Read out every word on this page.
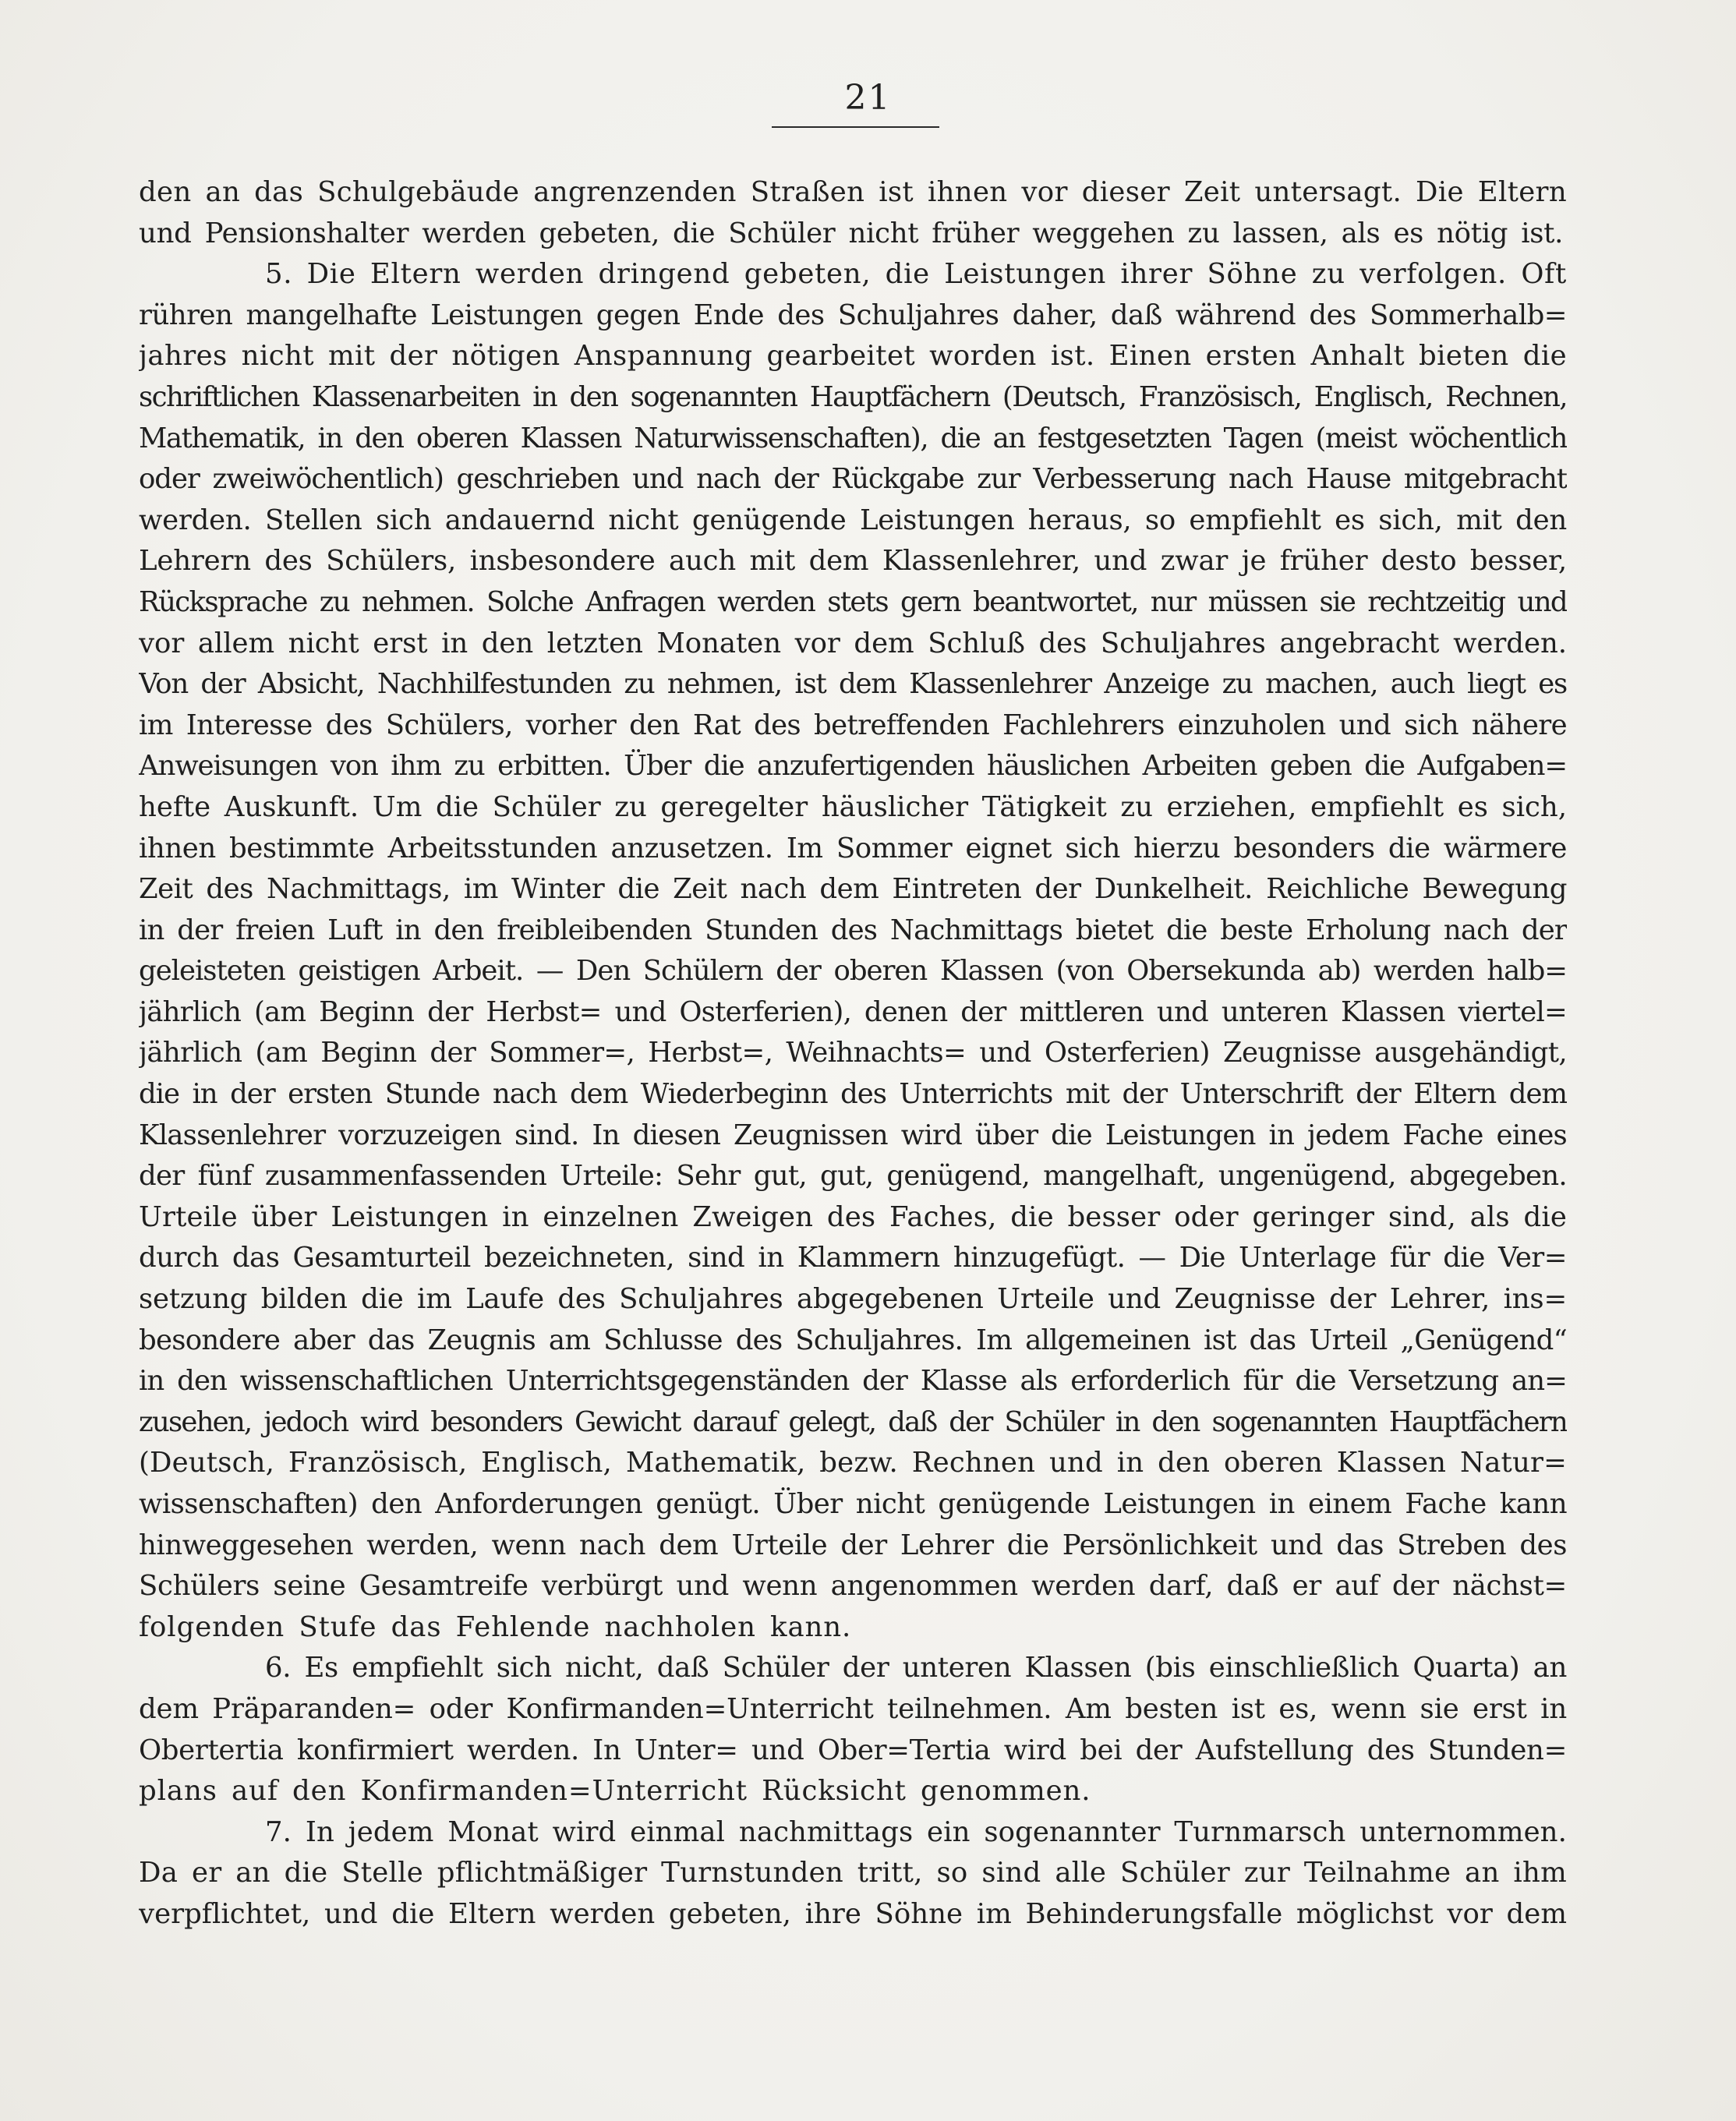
21
den an das Schulgebäude angrenzenden Straßen ist ihnen vor dieser Zeit untersagt. Die Eltern
und Pensionshalter werden gebeten, die Schüler nicht früher weggehen zu lassen, als es nötig ist.
5. Die Eltern werden dringend gebeten, die Leistungen ihrer Söhne zu verfolgen. Oft
rühren mangelhafte Leistungen gegen Ende des Schuljahres daher, daß während des Sommerhalb=
jahres nicht mit der nötigen Anspannung gearbeitet worden ist. Einen ersten Anhalt bieten die
schriftlichen Klassenarbeiten in den sogenannten Hauptfächern (Deutsch, Französisch, Englisch, Rechnen,
Mathematik, in den oberen Klassen Naturwissenschaften), die an festgesetzten Tagen (meist wöchentlich
oder zweiwöchentlich) geschrieben und nach der Rückgabe zur Verbesserung nach Hause mitgebracht
werden. Stellen sich andauernd nicht genügende Leistungen heraus, so empfiehlt es sich, mit den
Lehrern des Schülers, insbesondere auch mit dem Klassenlehrer, und zwar je früher desto besser,
Rücksprache zu nehmen. Solche Anfragen werden stets gern beantwortet, nur müssen sie rechtzeitig und
vor allem nicht erst in den letzten Monaten vor dem Schluß des Schuljahres angebracht werden.
Von der Absicht, Nachhilfestunden zu nehmen, ist dem Klassenlehrer Anzeige zu machen, auch liegt es
im Interesse des Schülers, vorher den Rat des betreffenden Fachlehrers einzuholen und sich nähere
Anweisungen von ihm zu erbitten. Über die anzufertigenden häuslichen Arbeiten geben die Aufgaben=
hefte Auskunft. Um die Schüler zu geregelter häuslicher Tätigkeit zu erziehen, empfiehlt es sich,
ihnen bestimmte Arbeitsstunden anzusetzen. Im Sommer eignet sich hierzu besonders die wärmere
Zeit des Nachmittags, im Winter die Zeit nach dem Eintreten der Dunkelheit. Reichliche Bewegung
in der freien Luft in den freibleibenden Stunden des Nachmittags bietet die beste Erholung nach der
geleisteten geistigen Arbeit. — Den Schülern der oberen Klassen (von Obersekunda ab) werden halb=
jährlich (am Beginn der Herbst= und Osterferien), denen der mittleren und unteren Klassen viertel=
jährlich (am Beginn der Sommer=, Herbst=, Weihnachts= und Osterferien) Zeugnisse ausgehändigt,
die in der ersten Stunde nach dem Wiederbeginn des Unterrichts mit der Unterschrift der Eltern dem
Klassenlehrer vorzuzeigen sind. In diesen Zeugnissen wird über die Leistungen in jedem Fache eines
der fünf zusammenfassenden Urteile: Sehr gut, gut, genügend, mangelhaft, ungenügend, abgegeben.
Urteile über Leistungen in einzelnen Zweigen des Faches, die besser oder geringer sind, als die
durch das Gesamturteil bezeichneten, sind in Klammern hinzugefügt. — Die Unterlage für die Ver=
setzung bilden die im Laufe des Schuljahres abgegebenen Urteile und Zeugnisse der Lehrer, ins=
besondere aber das Zeugnis am Schlusse des Schuljahres. Im allgemeinen ist das Urteil „Genügend“
in den wissenschaftlichen Unterrichtsgegenständen der Klasse als erforderlich für die Versetzung an=
zusehen, jedoch wird besonders Gewicht darauf gelegt, daß der Schüler in den sogenannten Hauptfächern
(Deutsch, Französisch, Englisch, Mathematik, bezw. Rechnen und in den oberen Klassen Natur=
wissenschaften) den Anforderungen genügt. Über nicht genügende Leistungen in einem Fache kann
hinweggesehen werden, wenn nach dem Urteile der Lehrer die Persönlichkeit und das Streben des
Schülers seine Gesamtreife verbürgt und wenn angenommen werden darf, daß er auf der nächst=
folgenden Stufe das Fehlende nachholen kann.
6. Es empfiehlt sich nicht, daß Schüler der unteren Klassen (bis einschließlich Quarta) an
dem Präparanden= oder Konfirmanden=Unterricht teilnehmen. Am besten ist es, wenn sie erst in
Obertertia konfirmiert werden. In Unter= und Ober=Tertia wird bei der Aufstellung des Stunden=
plans auf den Konfirmanden=Unterricht Rücksicht genommen.
7. In jedem Monat wird einmal nachmittags ein sogenannter Turnmarsch unternommen.
Da er an die Stelle pflichtmäßiger Turnstunden tritt, so sind alle Schüler zur Teilnahme an ihm
verpflichtet, und die Eltern werden gebeten, ihre Söhne im Behinderungsfalle möglichst vor dem
